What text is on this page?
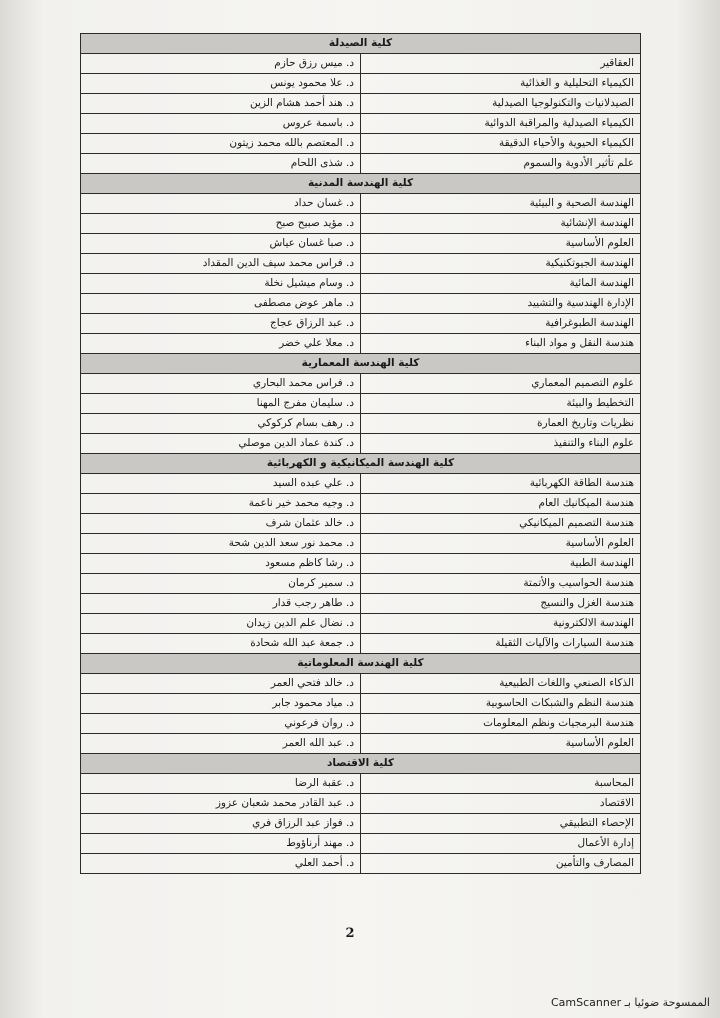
كلية الصيدلة	
العقاقير	د. ميس رزق حازم
الكيمياء التحليلية و الغذائية	د. علا محمود يونس
الصيدلانيات والتكنولوجيا الصيدلية	د. هند أحمد هشام الزين
الكيمياء الصيدلية والمراقبة الدوائية	د. باسمة عروس
الكيمياء الحيوية والأحياء الدقيقة	د. المعتصم بالله محمد زيتون
علم تأثير الأدوية والسموم	د. شذى اللحام
كلية الهندسة المدنية	
الهندسة الصحية و البيئية	د. غسان حداد
الهندسة الإنشائية	د. مؤيد صبيح صبح
العلوم الأساسية	د. صبا غسان عياش
الهندسة الجيوتكنيكية	د. فراس محمد سيف الدين المقداد
الهندسة المائية	د. وسام ميشيل نخلة
الإدارة الهندسية والتشييد	د. ماهر عوض مصطفى
الهندسة الطبوغرافية	د. عبد الرزاق عجاج
هندسة النقل و مواد البناء	د. معلا علي خضر
كلية الهندسة المعمارية	
علوم التصميم المعماري	د. فراس محمد البحاري
التخطيط والبيئة	د. سليمان مفرج المهنا
نظريات وتاريخ العمارة	د. رهف بسام كركوكي
علوم البناء والتنفيذ	د. كندة عماد الدين موصلي
كلية الهندسة الميكانيكية و الكهربائية	
هندسة الطاقة الكهربائية	د. علي عبده السيد
هندسة الميكانيك العام	د. وجيه محمد خير ناعمة
هندسة التصميم الميكانيكي	د. خالد عثمان شرف
العلوم الأساسية	د. محمد نور سعد الدين شحة
الهندسة الطبية	د. رشا كاظم مسعود
هندسة الحواسيب والأتمتة	د. سمير كرمان
هندسة الغزل والنسيج	د. طاهر رجب قدار
الهندسة الالكترونية	د. نضال علم الدين زيدان
هندسة السيارات والآليات الثقيلة	د. جمعة عبد الله شحادة
كلية الهندسة المعلوماتية	
الذكاء الصنعي واللغات الطبيعية	د. خالد فتحي العمر
هندسة النظم والشبكات الحاسوبية	د. مياد محمود جابر
هندسة البرمجيات ونظم المعلومات	د. روان فرعوني
العلوم الأساسية	د. عبد الله العمر
كلية الاقتصاد	
المحاسبة	د. عقبة الرضا
الاقتصاد	د. عبد القادر محمد شعبان عزوز
الإحصاء التطبيقي	د. فواز عبد الرزاق فري
إدارة الأعمال	د. مهند أرناؤوط
المصارف والتأمين	د. أحمد العلي
2
الممسوحة ضوئيا بـ CamScanner
